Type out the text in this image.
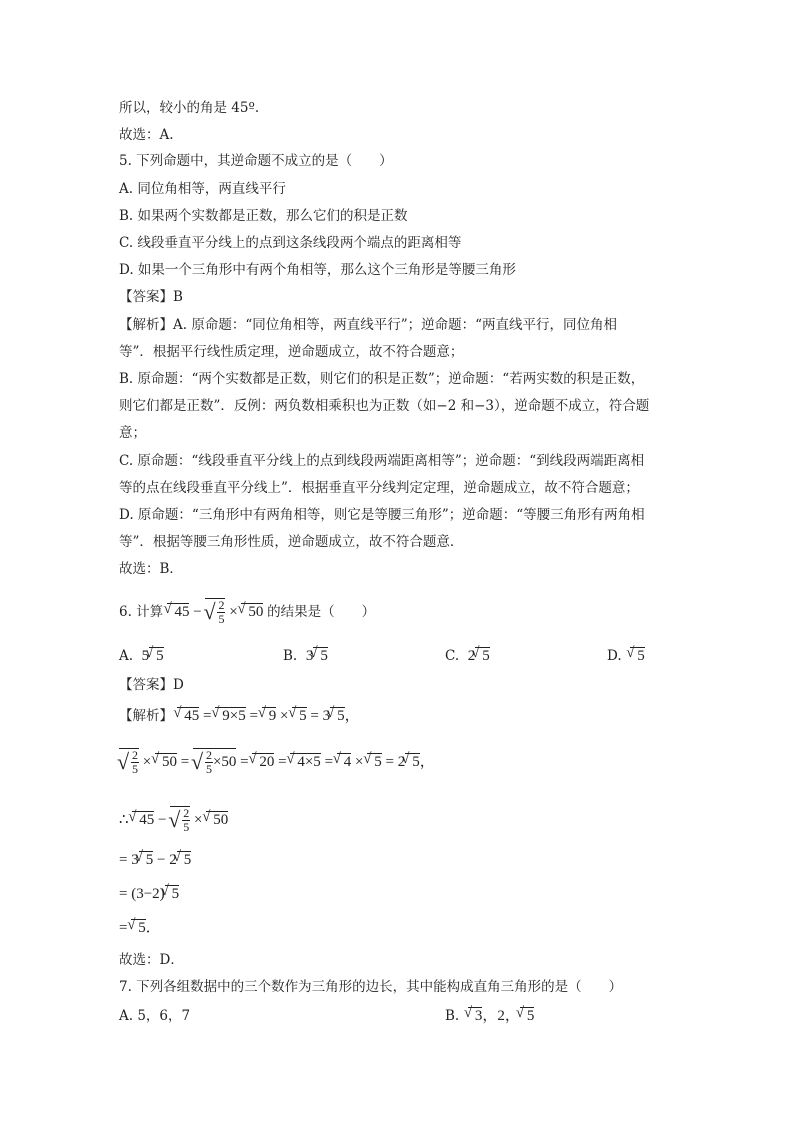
所以，较小的角是 45º.
故选：A.
5. 下列命题中，其逆命题不成立的是（　　）
A. 同位角相等，两直线平行
B. 如果两个实数都是正数，那么它们的积是正数
C. 线段垂直平分线上的点到这条线段两个端点的距离相等
D. 如果一个三角形中有两个角相等，那么这个三角形是等腰三角形
【答案】B
【解析】A. 原命题：“同位角相等，两直线平行”；逆命题：“两直线平行，同位角相
等”．根据平行线性质定理，逆命题成立，故不符合题意；
B. 原命题：“两个实数都是正数，则它们的积是正数”；逆命题：“若两实数的积是正数，
则它们都是正数”．反例：两负数相乘积也为正数（如−2 和−3），逆命题不成立，符合题
意；
C. 原命题：“线段垂直平分线上的点到线段两端距离相等”；逆命题：“到线段两端距离相
等的点在线段垂直平分线上”．根据垂直平分线判定定理，逆命题成立，故不符合题意；
D. 原命题：“三角形中有两角相等，则它是等腰三角形”；逆命题：“等腰三角形有两角相
等”．根据等腰三角形性质，逆命题成立，故不符合题意．
故选：B．
6. 计算 √ 45 − √ $\frac{2}{5}$ × √ 50 的结果是（　　）
A. 5 √ 5	B. 3 √ 5	C. 2 √ 5	D. √ 5
【答案】D
【解析】 √ 45 = √ 9×5 = √ 9 × √ 5 = 3 √ 5，
√ $\frac{2}{5}$ × √ 50 = √ $\frac{2}{5} \times 50$ = √ 20 = √ 4×5 = √ 4 × √ 5 = 2 √ 5，
∴ √ 45 − √ $\frac{2}{5}$ × √ 50
= 3 √ 5 − 2 √ 5
= (3−2) √ 5
= √ 5．
故选：D．
7. 下列各组数据中的三个数作为三角形的边长，其中能构成直角三角形的是（　　）
A. 5，6，7	B. √ 3，2， √ 5
